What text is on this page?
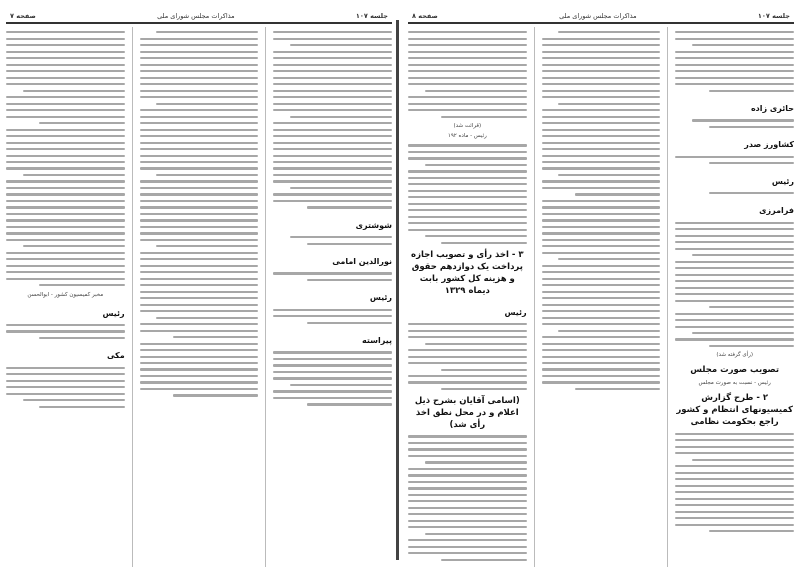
جلسه ۱۰۷
مذاکرات مجلس شورای ملی
صفحه ۷
شوشتری
نورالدین امامی
رئیس
پیراسته
مخبر کمیسیون کشور - ابوالحسن
رئیس
مکی
جلسه ۱۰۷
مذاکرات مجلس شورای ملی
صفحه ۸
حائری زاده
کشاورز صدر
رئیس
فرامرزی
(رأی گرفته شد)
تصویب صورت مجلس
رئیس - نسبت به صورت مجلس
۲ - طرح گزارش کمیسیونهای انتظام و کشور راجع بحکومت نظامی
(قرائت شد)
رئیس - ماده ۱۹۲
۳ - اخذ رأی و تصویب اجازه پرداخت یک دوازدهم حقوق و هزینه کل کشور بابت دیماه ۱۳۲۹
رئیس
(اسامی آقایان بشرح ذیل اعلام و در محل نطق اخذ رأی شد)
